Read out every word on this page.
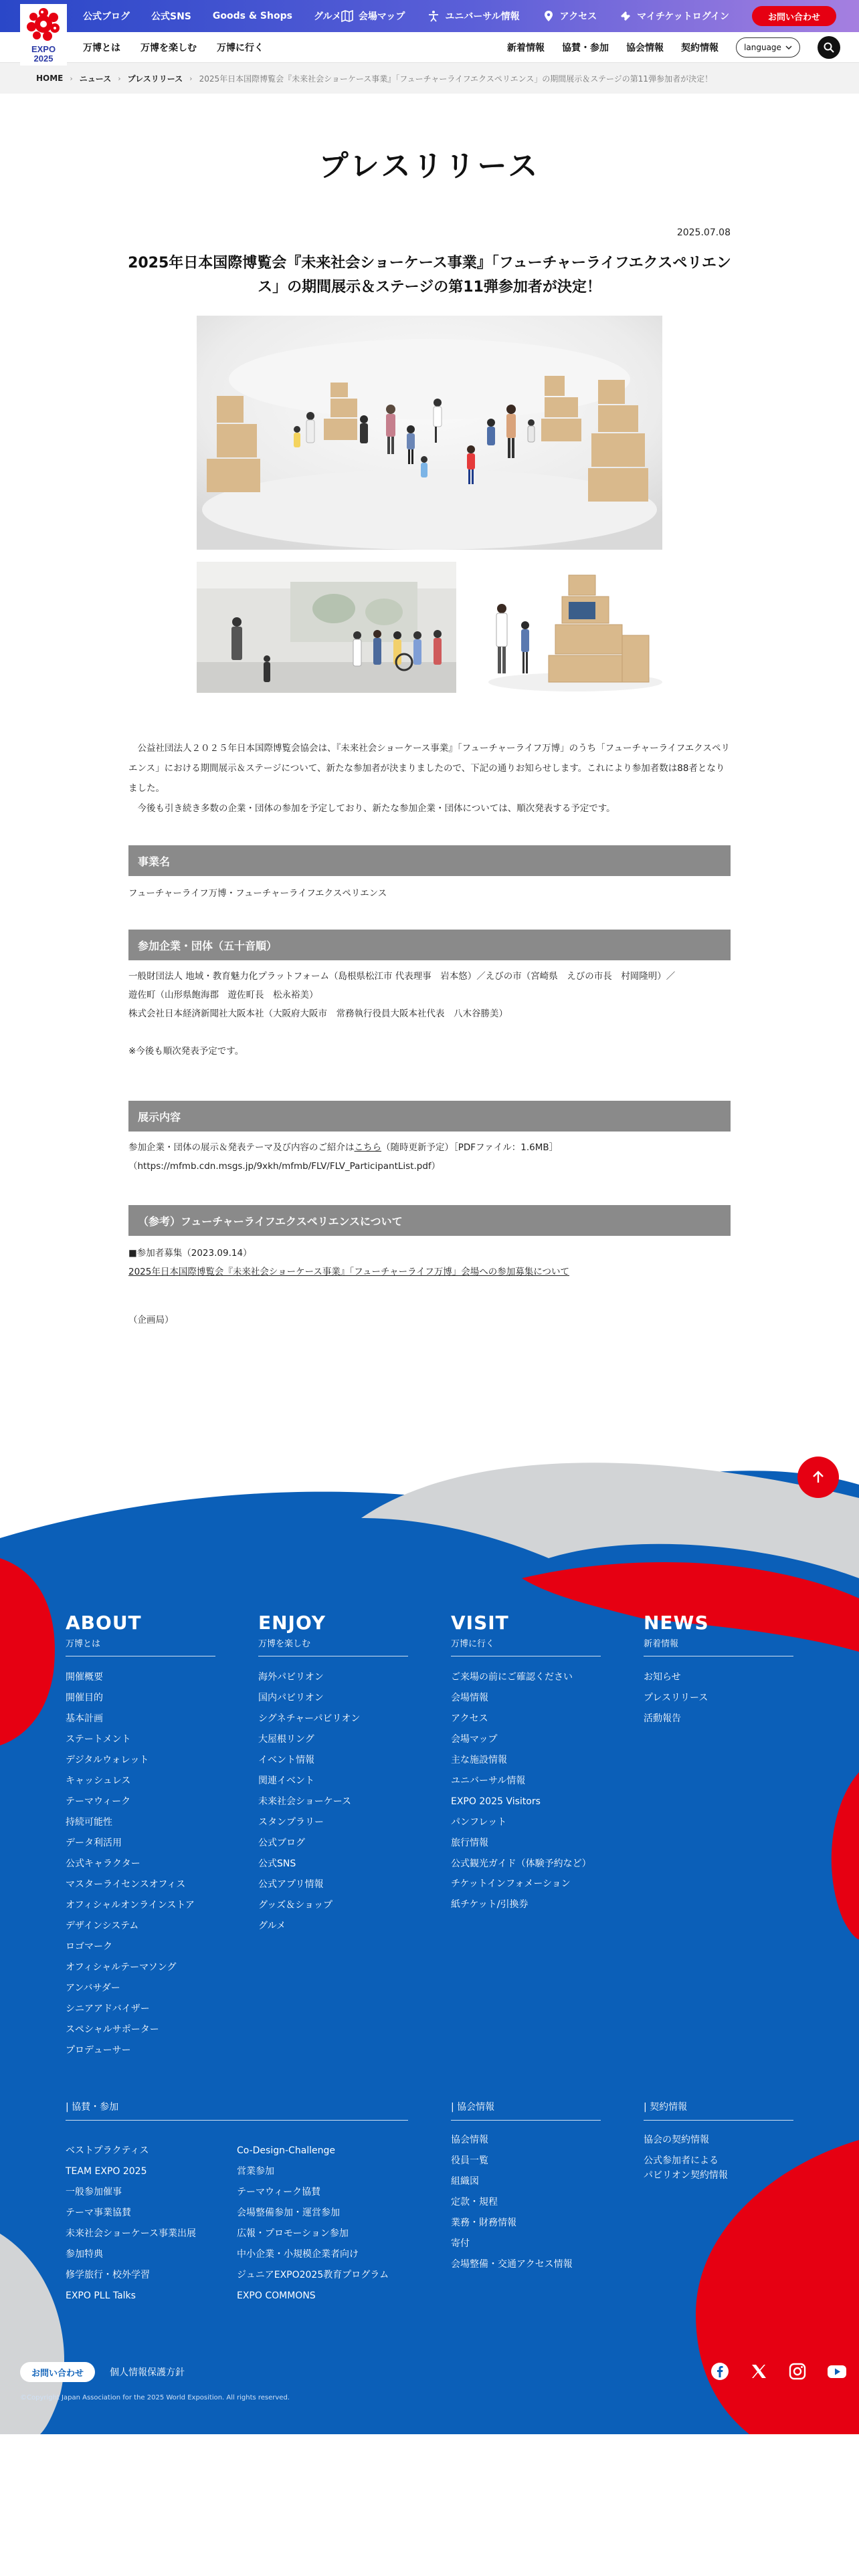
公式ブログ 公式SNS Goods & Shops グルメ 会場マップ	ユニバーサル情報	アクセス	マイチケットログイン	お問い合わせ
EXPO
2025
万博とは 万博を楽しむ 万博に行く	新着情報 協賛・参加 協会情報 契約情報	language
HOME › ニュース › プレスリリース › 2025年日本国際博覧会『未来社会ショーケース事業』「フューチャーライフエクスペリエンス」の期間展示＆ステージの第11弾参加者が決定！
プレスリリース
2025.07.08
2025年日本国際博覧会『未来社会ショーケース事業』「フューチャーライフエクスペリエンス」の期間展示＆ステージの第11弾参加者が決定！

　公益社団法人２０２５年日本国際博覧会協会は、『未来社会ショーケース事業』「フューチャーライフ万博」のうち「フューチャーライフエクスペリエンス」における期間展示＆ステージについて、新たな参加者が決まりましたので、下記の通りお知らせします。これにより参加者数は88者となりました。

　今後も引き続き多数の企業・団体の参加を予定しており、新たな参加企業・団体については、順次発表する予定です。

事業名

フューチャーライフ万博・フューチャーライフエクスペリエンス

参加企業・団体（五十音順）

一般財団法人 地域・教育魅力化プラットフォーム（島根県松江市 代表理事　岩本悠）／えびの市（宮崎県　えびの市長　村岡隆明）／

遊佐町（山形県飽海郡　遊佐町長　松永裕美）

株式会社日本経済新聞社大阪本社（大阪府大阪市　常務執行役員大阪本社代表　八木谷勝美）

※今後も順次発表予定です。

展示内容

参加企業・団体の展示＆発表テーマ及び内容のご紹介はこちら（随時更新予定）［PDFファイル：1.6MB］

（https://mfmb.cdn.msgs.jp/9xkh/mfmb/FLV/FLV_ParticipantList.pdf）

（参考）フューチャーライフエクスペリエンスについて

■参加者募集（2023.09.14）

2025年日本国際博覧会『未来社会ショーケース事業』「フューチャーライフ万博」会場への参加募集について

（企画局）
ABOUT
万博とは
開催概要
開催目的
基本計画
ステートメント
デジタルウォレット
キャッシュレス
テーマウィーク
持続可能性
データ利活用
公式キャラクター
マスターライセンスオフィス
オフィシャルオンラインストア
デザインシステム
ロゴマーク
オフィシャルテーマソング
アンバサダー
シニアアドバイザー
スペシャルサポーター
プロデューサー
ENJOY
万博を楽しむ
海外パビリオン
国内パビリオン
シグネチャーパビリオン
大屋根リング
イベント情報
関連イベント
未来社会ショーケース
スタンプラリー
公式ブログ
公式SNS
公式アプリ情報
グッズ＆ショップ
グルメ
VISIT
万博に行く
ご来場の前にご確認ください
会場情報
アクセス
会場マップ
主な施設情報
ユニバーサル情報
EXPO 2025 Visitors
パンフレット
旅行情報
公式観光ガイド（体験予約など）
チケットインフォメーション
紙チケット/引換券
NEWS
新着情報
お知らせ
プレスリリース
活動報告
| 協賛・参加
ベストプラクティス
TEAM EXPO 2025
一般参加催事
テーマ事業協賛
未来社会ショーケース事業出展
参加特典
修学旅行・校外学習
EXPO PLL Talks
Co-Design-Challenge
営業参加
テーマウィーク協賛
会場整備参加・運営参加
広報・プロモーション参加
中小企業・小規模企業者向け
ジュニアEXPO2025教育プログラム
EXPO COMMONS
| 協会情報
協会情報
役員一覧
組織図
定款・規程
業務・財務情報
寄付
会場整備・交通アクセス情報
| 契約情報
協会の契約情報
公式参加者による
パビリオン契約情報
お問い合わせ	個人情報保護方針
©Copyright Japan Association for the 2025 World Exposition. All rights reserved.
